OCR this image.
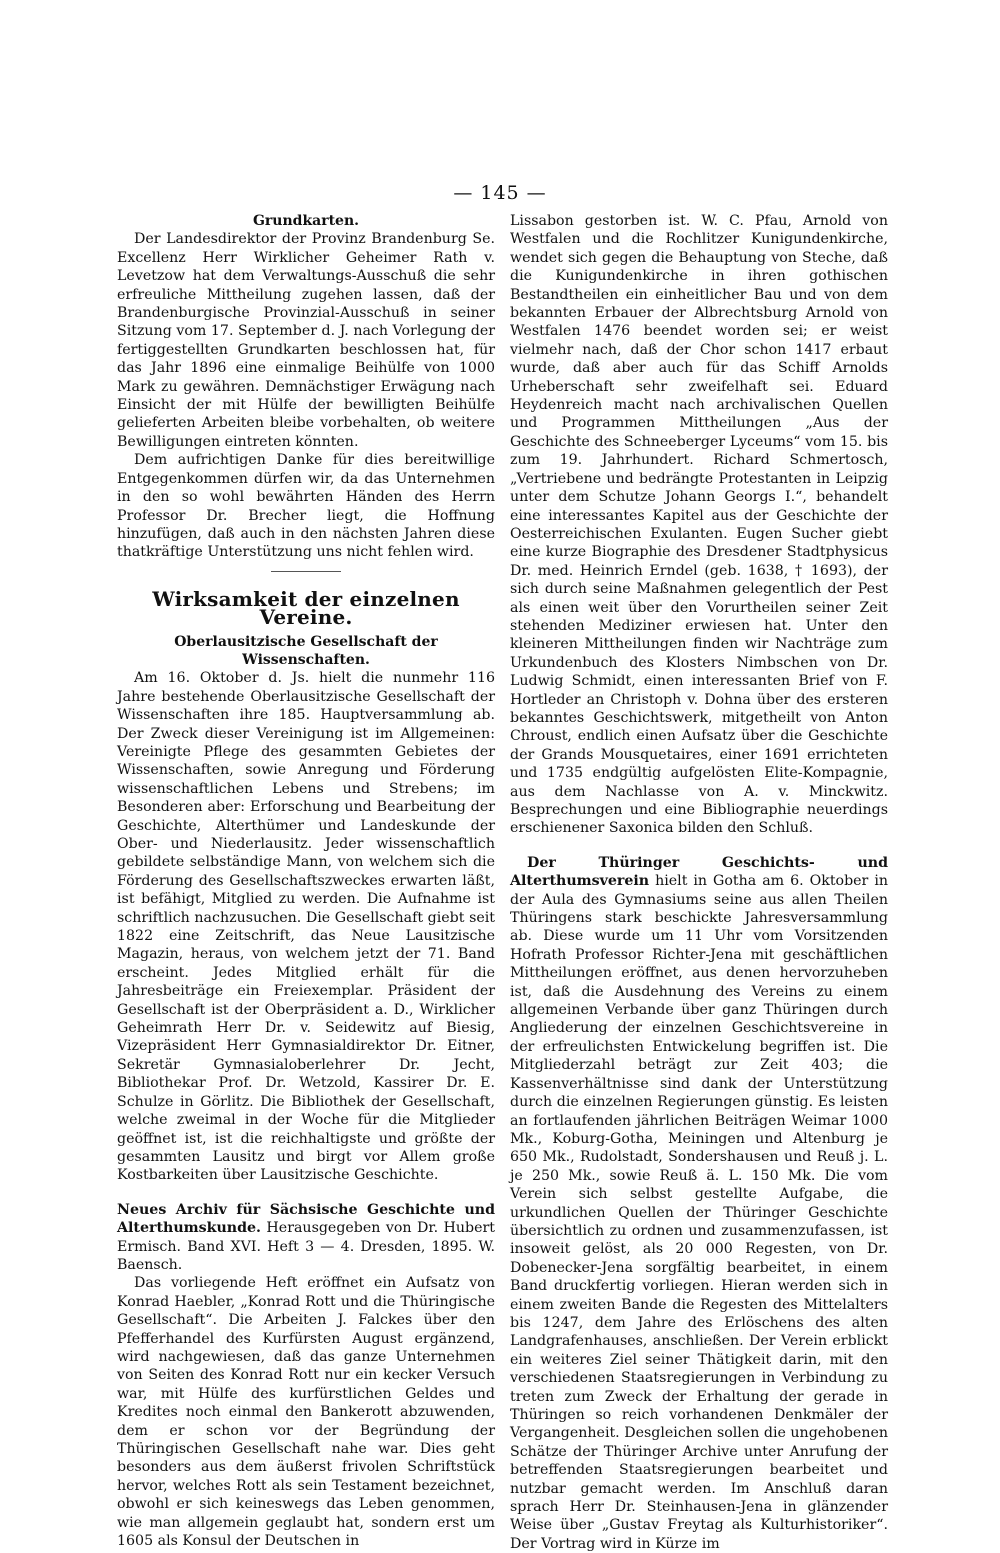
— 145 —
Grundkarten.

Der Landesdirektor der Provinz Brandenburg Se. Excellenz Herr Wirklicher Geheimer Rath v. Levetzow hat dem Verwaltungs-Ausschuß die sehr erfreuliche Mittheilung zugehen lassen, daß der Brandenburgische Provinzial-Ausschuß in seiner Sitzung vom 17. September d. J. nach Vorlegung der fertiggestellten Grundkarten beschlossen hat, für das Jahr 1896 eine einmalige Beihülfe von 1000 Mark zu gewähren. Demnächstiger Erwägung nach Einsicht der mit Hülfe der bewilligten Beihülfe gelieferten Arbeiten bleibe vorbehalten, ob weitere Bewilligungen eintreten könnten.

Dem aufrichtigen Danke für dies bereitwillige Entgegenkommen dürfen wir, da das Unternehmen in den so wohl bewährten Händen des Herrn Professor Dr. Brecher liegt, die Hoffnung hinzufügen, daß auch in den nächsten Jahren diese thatkräftige Unterstützung uns nicht fehlen wird.

Wirksamkeit der einzelnen Vereine.
Oberlausitzische Gesellschaft der Wissenschaften.

Am 16. Oktober d. Js. hielt die nunmehr 116 Jahre bestehende Oberlausitzische Gesellschaft der Wissenschaften ihre 185. Hauptversammlung ab. Der Zweck dieser Vereinigung ist im Allgemeinen: Vereinigte Pflege des gesammten Gebietes der Wissenschaften, sowie Anregung und Förderung wissenschaftlichen Lebens und Strebens; im Besonderen aber: Erforschung und Bearbeitung der Geschichte, Alterthümer und Landeskunde der Ober- und Niederlausitz. Jeder wissenschaftlich gebildete selbständige Mann, von welchem sich die Förderung des Gesellschaftszweckes erwarten läßt, ist befähigt, Mitglied zu werden. Die Aufnahme ist schriftlich nachzusuchen. Die Gesellschaft giebt seit 1822 eine Zeitschrift, das Neue Lausitzische Magazin, heraus, von welchem jetzt der 71. Band erscheint. Jedes Mitglied erhält für die Jahresbeiträge ein Freiexemplar. Präsident der Gesellschaft ist der Oberpräsident a. D., Wirklicher Geheimrath Herr Dr. v. Seidewitz auf Biesig, Vizepräsident Herr Gymnasialdirektor Dr. Eitner, Sekretär Gymnasialoberlehrer Dr. Jecht, Bibliothekar Prof. Dr. Wetzold, Kassirer Dr. E. Schulze in Görlitz. Die Bibliothek der Gesellschaft, welche zweimal in der Woche für die Mitglieder geöffnet ist, ist die reichhaltigste und größte der gesammten Lausitz und birgt vor Allem große Kostbarkeiten über Lausitzische Geschichte.

Neues Archiv für Sächsische Geschichte und Alterthumskunde. Herausgegeben von Dr. Hubert Ermisch. Band XVI. Heft 3 — 4. Dresden, 1895. W. Baensch.

Das vorliegende Heft eröffnet ein Aufsatz von Konrad Haebler, „Konrad Rott und die Thüringische Gesellschaft“. Die Arbeiten J. Falckes über den Pfefferhandel des Kurfürsten August ergänzend, wird nachgewiesen, daß das ganze Unternehmen von Seiten des Konrad Rott nur ein kecker Versuch war, mit Hülfe des kurfürstlichen Geldes und Kredites noch einmal den Bankerott abzuwenden, dem er schon vor der Begründung der Thüringischen Gesellschaft nahe war. Dies geht besonders aus dem äußerst frivolen Schriftstück hervor, welches Rott als sein Testament bezeichnet, obwohl er sich keineswegs das Leben genommen, wie man allgemein geglaubt hat, sondern erst um 1605 als Konsul der Deutschen in

Lissabon gestorben ist. W. C. Pfau, Arnold von Westfalen und die Rochlitzer Kunigundenkirche, wendet sich gegen die Behauptung von Steche, daß die Kunigundenkirche in ihren gothischen Bestandtheilen ein einheitlicher Bau und von dem bekannten Erbauer der Albrechtsburg Arnold von Westfalen 1476 beendet worden sei; er weist vielmehr nach, daß der Chor schon 1417 erbaut wurde, daß aber auch für das Schiff Arnolds Urheberschaft sehr zweifelhaft sei. Eduard Heydenreich macht nach archivalischen Quellen und Programmen Mittheilungen „Aus der Geschichte des Schneeberger Lyceums“ vom 15. bis zum 19. Jahrhundert. Richard Schmertosch, „Vertriebene und bedrängte Protestanten in Leipzig unter dem Schutze Johann Georgs I.“, behandelt eine interessantes Kapitel aus der Geschichte der Oesterreichischen Exulanten. Eugen Sucher giebt eine kurze Biographie des Dresdener Stadtphysicus Dr. med. Heinrich Erndel (geb. 1638, † 1693), der sich durch seine Maßnahmen gelegentlich der Pest als einen weit über den Vorurtheilen seiner Zeit stehenden Mediziner erwiesen hat. Unter den kleineren Mittheilungen finden wir Nachträge zum Urkundenbuch des Klosters Nimbschen von Dr. Ludwig Schmidt, einen interessanten Brief von F. Hortleder an Christoph v. Dohna über des ersteren bekanntes Geschichtswerk, mitgetheilt von Anton Chroust, endlich einen Aufsatz über die Geschichte der Grands Mousquetaires, einer 1691 errichteten und 1735 endgültig aufgelösten Elite-Kompagnie, aus dem Nachlasse von A. v. Minckwitz. Besprechungen und eine Bibliographie neuerdings erschienener Saxonica bilden den Schluß.

Der Thüringer Geschichts- und Alterthumsverein hielt in Gotha am 6. Oktober in der Aula des Gymnasiums seine aus allen Theilen Thüringens stark beschickte Jahresversammlung ab. Diese wurde um 11 Uhr vom Vorsitzenden Hofrath Professor Richter-Jena mit geschäftlichen Mittheilungen eröffnet, aus denen hervorzuheben ist, daß die Ausdehnung des Vereins zu einem allgemeinen Verbande über ganz Thüringen durch Angliederung der einzelnen Geschichtsvereine in der erfreulichsten Entwickelung begriffen ist. Die Mitgliederzahl beträgt zur Zeit 403; die Kassenverhältnisse sind dank der Unterstützung durch die einzelnen Regierungen günstig. Es leisten an fortlaufenden jährlichen Beiträgen Weimar 1000 Mk., Koburg-Gotha, Meiningen und Altenburg je 650 Mk., Rudolstadt, Sondershausen und Reuß j. L. je 250 Mk., sowie Reuß ä. L. 150 Mk. Die vom Verein sich selbst gestellte Aufgabe, die urkundlichen Quellen der Thüringer Geschichte übersichtlich zu ordnen und zusammenzufassen, ist insoweit gelöst, als 20 000 Regesten, von Dr. Dobenecker-Jena sorgfältig bearbeitet, in einem Band druckfertig vorliegen. Hieran werden sich in einem zweiten Bande die Regesten des Mittelalters bis 1247, dem Jahre des Erlöschens des alten Landgrafenhauses, anschließen. Der Verein erblickt ein weiteres Ziel seiner Thätigkeit darin, mit den verschiedenen Staatsregierungen in Verbindung zu treten zum Zweck der Erhaltung der gerade in Thüringen so reich vorhandenen Denkmäler der Vergangenheit. Desgleichen sollen die ungehobenen Schätze der Thüringer Archive unter Anrufung der betreffenden Staatsregierungen bearbeitet und nutzbar gemacht werden. Im Anschluß daran sprach Herr Dr. Steinhausen-Jena in glänzender Weise über „Gustav Freytag als Kulturhistoriker“. Der Vortrag wird in Kürze im
